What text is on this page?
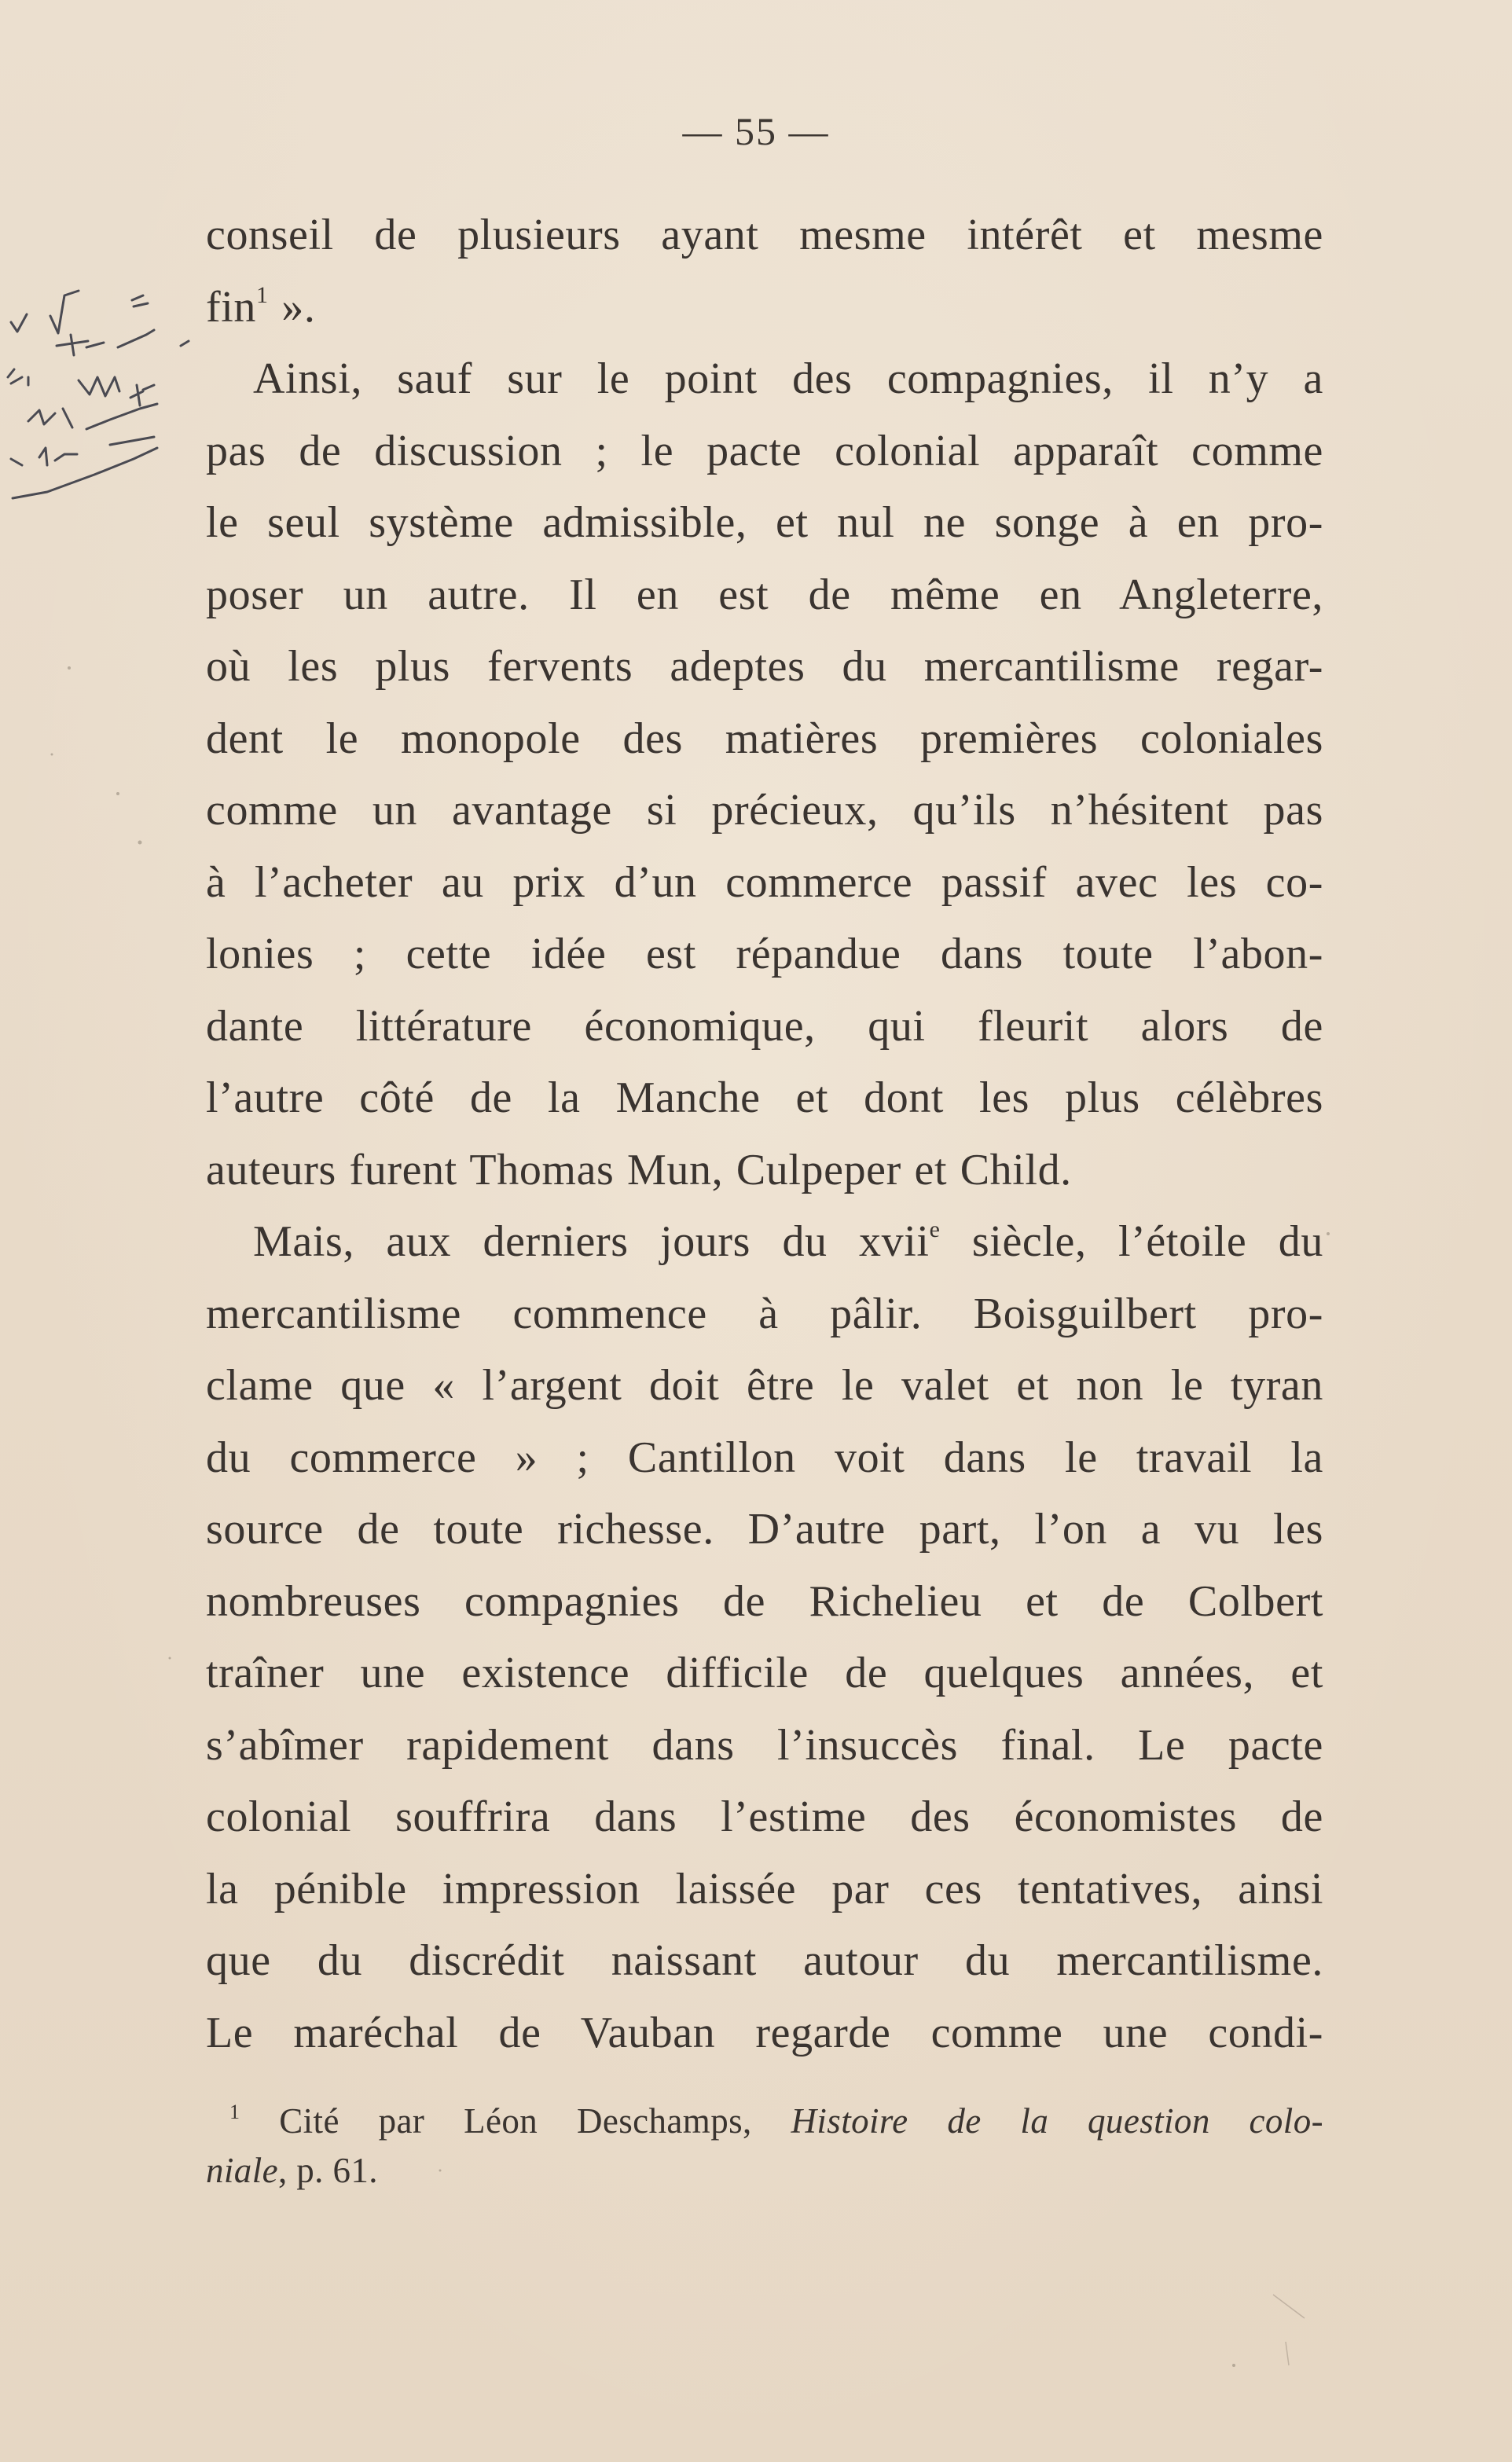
— 55 —
conseil de plusieurs ayant mesme intérêt et mesme
fin$^1$ ».
Ainsi, sauf sur le point des compagnies, il n’y a
pas de discussion ; le pacte colonial apparaît comme
le seul système admissible, et nul ne songe à en pro-
poser un autre. Il en est de même en Angleterre,
où les plus fervents adeptes du mercantilisme regar-
dent le monopole des matières premières coloniales
comme un avantage si précieux, qu’ils n’hésitent pas
à l’acheter au prix d’un commerce passif avec les co-
lonies ; cette idée est répandue dans toute l’abon-
dante littérature économique, qui fleurit alors de
l’autre côté de la Manche et dont les plus célèbres
auteurs furent Thomas Mun, Culpeper et Child.
Mais, aux derniers jours du xvii$^e$ siècle, l’étoile du
mercantilisme commence à pâlir. Boisguilbert pro-
clame que « l’argent doit être le valet et non le tyran
du commerce » ; Cantillon voit dans le travail la
source de toute richesse. D’autre part, l’on a vu les
nombreuses compagnies de Richelieu et de Colbert
traîner une existence difficile de quelques années, et
s’abîmer rapidement dans l’insuccès final. Le pacte
colonial souffrira dans l’estime des économistes de
la pénible impression laissée par ces tentatives, ainsi
que du discrédit naissant autour du mercantilisme.
Le maréchal de Vauban regarde comme une condi-
$^1$ Cité par Léon Deschamps, Histoire de la question colo-
niale, p. 61.
